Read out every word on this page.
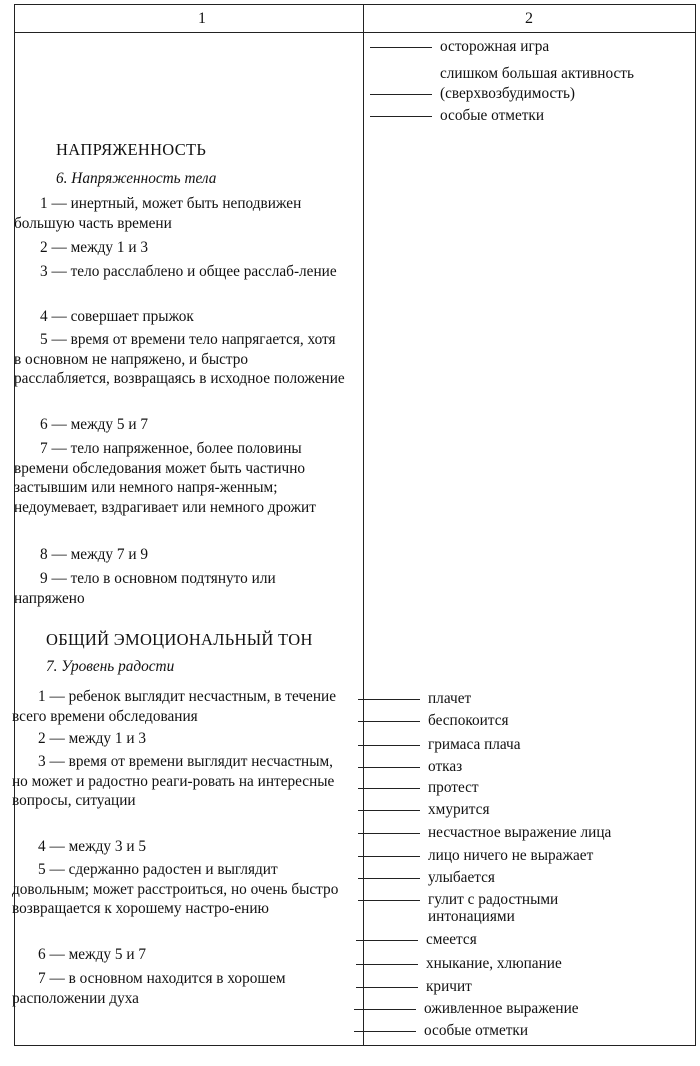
1	2
осторожная игра
слишком большая активность
(сверхвозбудимость)
особые отметки
плачет
беспокоится
гримаса плача
отказ
протест
хмурится
несчастное выражение лица
лицо ничего не выражает
улыбается
гулит с радостными
интонациями
смеется
хныкание, хлюпание
кричит
оживленное выражение
особые отметки
НАПРЯЖЕННОСТЬ
6. Напряженность тела

1 — инертный, может быть неподвижен большую часть времени

2 — между 1 и 3

3 — тело расслаблено и общее расслаб-ление

4 — совершает прыжок

5 — время от времени тело напрягается, хотя в основном не напряжено, и быстро расслабляется, возвращаясь в исходное положение

6 — между 5 и 7

7 — тело напряженное, более половины времени обследования может быть частично застывшим или немного напря-женным; недоумевает, вздрагивает или немного дрожит

8 — между 7 и 9

9 — тело в основном подтянуто или напряжено

ОБЩИЙ ЭМОЦИОНАЛЬНЫЙ ТОН
7. Уровень радости

1 — ребенок выглядит несчастным, в течение всего времени обследования

2 — между 1 и 3

3 — время от времени выглядит несчастным, но может и радостно реаги-ровать на интересные вопросы, ситуации

4 — между 3 и 5

5 — сдержанно радостен и выглядит довольным; может расстроиться, но очень быстро возвращается к хорошему настро-ению

6 — между 5 и 7

7 — в основном находится в хорошем расположении духа
